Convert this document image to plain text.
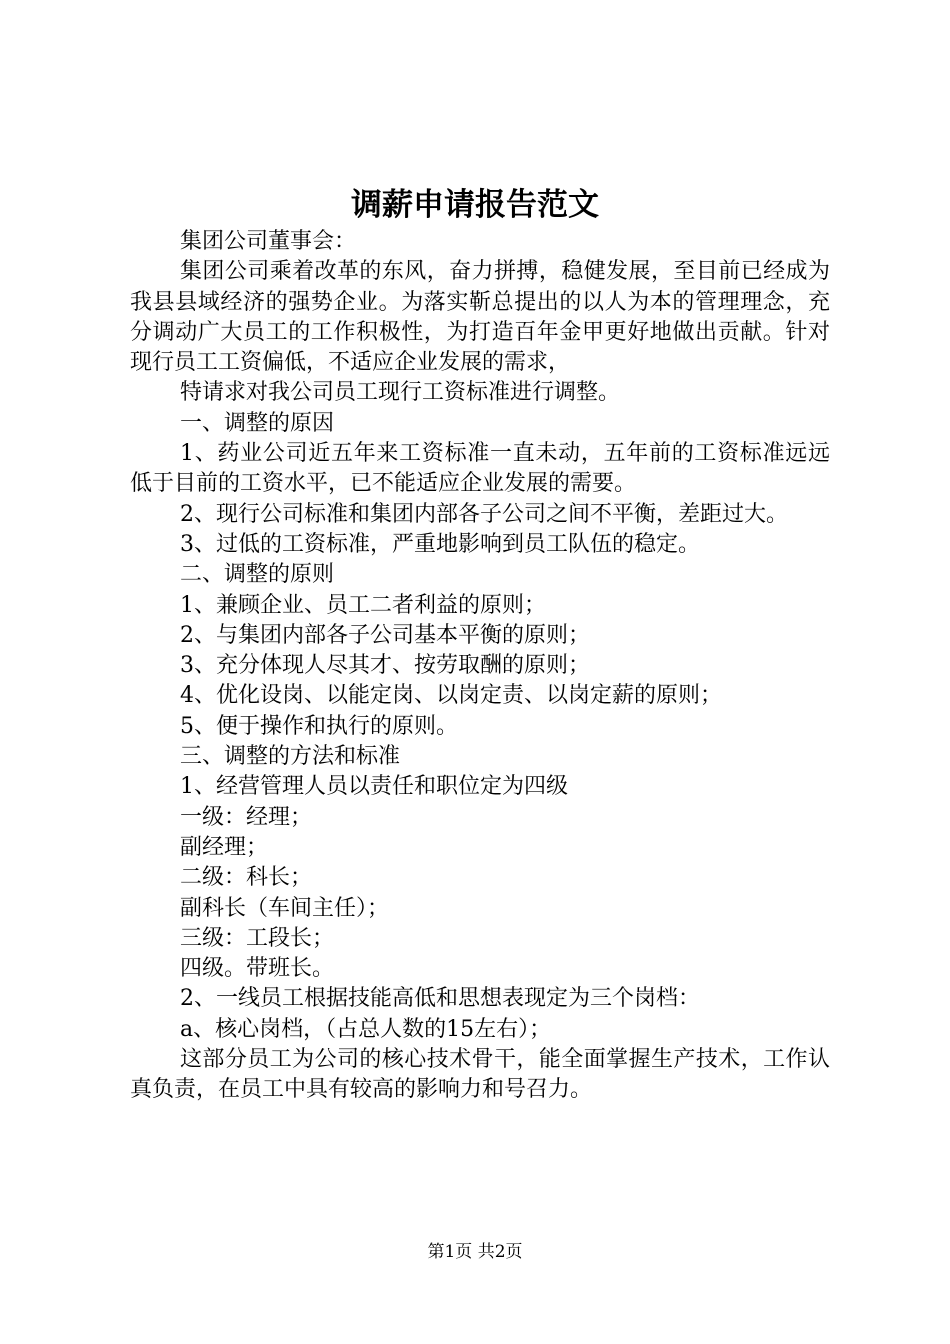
调薪申请报告范文

集团公司董事会：

集团公司乘着改革的东风，奋力拼搏，稳健发展，至目前已经成为我县县域经济的强势企业。为落实靳总提出的以人为本的管理理念，充分调动广大员工的工作积极性，为打造百年金甲更好地做出贡献。针对现行员工工资偏低，不适应企业发展的需求，

特请求对我公司员工现行工资标准进行调整。

一、调整的原因

1、药业公司近五年来工资标准一直未动，五年前的工资标准远远低于目前的工资水平，已不能适应企业发展的需要。

2、现行公司标准和集团内部各子公司之间不平衡，差距过大。

3、过低的工资标准，严重地影响到员工队伍的稳定。

二、调整的原则

1、兼顾企业、员工二者利益的原则；

2、与集团内部各子公司基本平衡的原则；

3、充分体现人尽其才、按劳取酬的原则；

4、优化设岗、以能定岗、以岗定责、以岗定薪的原则；

5、便于操作和执行的原则。

三、调整的方法和标准

1、经营管理人员以责任和职位定为四级

一级：经理；

副经理；

二级：科长；

副科长（车间主任）；

三级：工段长；

四级。带班长。

2、一线员工根据技能高低和思想表现定为三个岗档：

a、核心岗档，（占总人数的15左右）；

这部分员工为公司的核心技术骨干，能全面掌握生产技术，工作认真负责，在员工中具有较高的影响力和号召力。

第1页 共2页
